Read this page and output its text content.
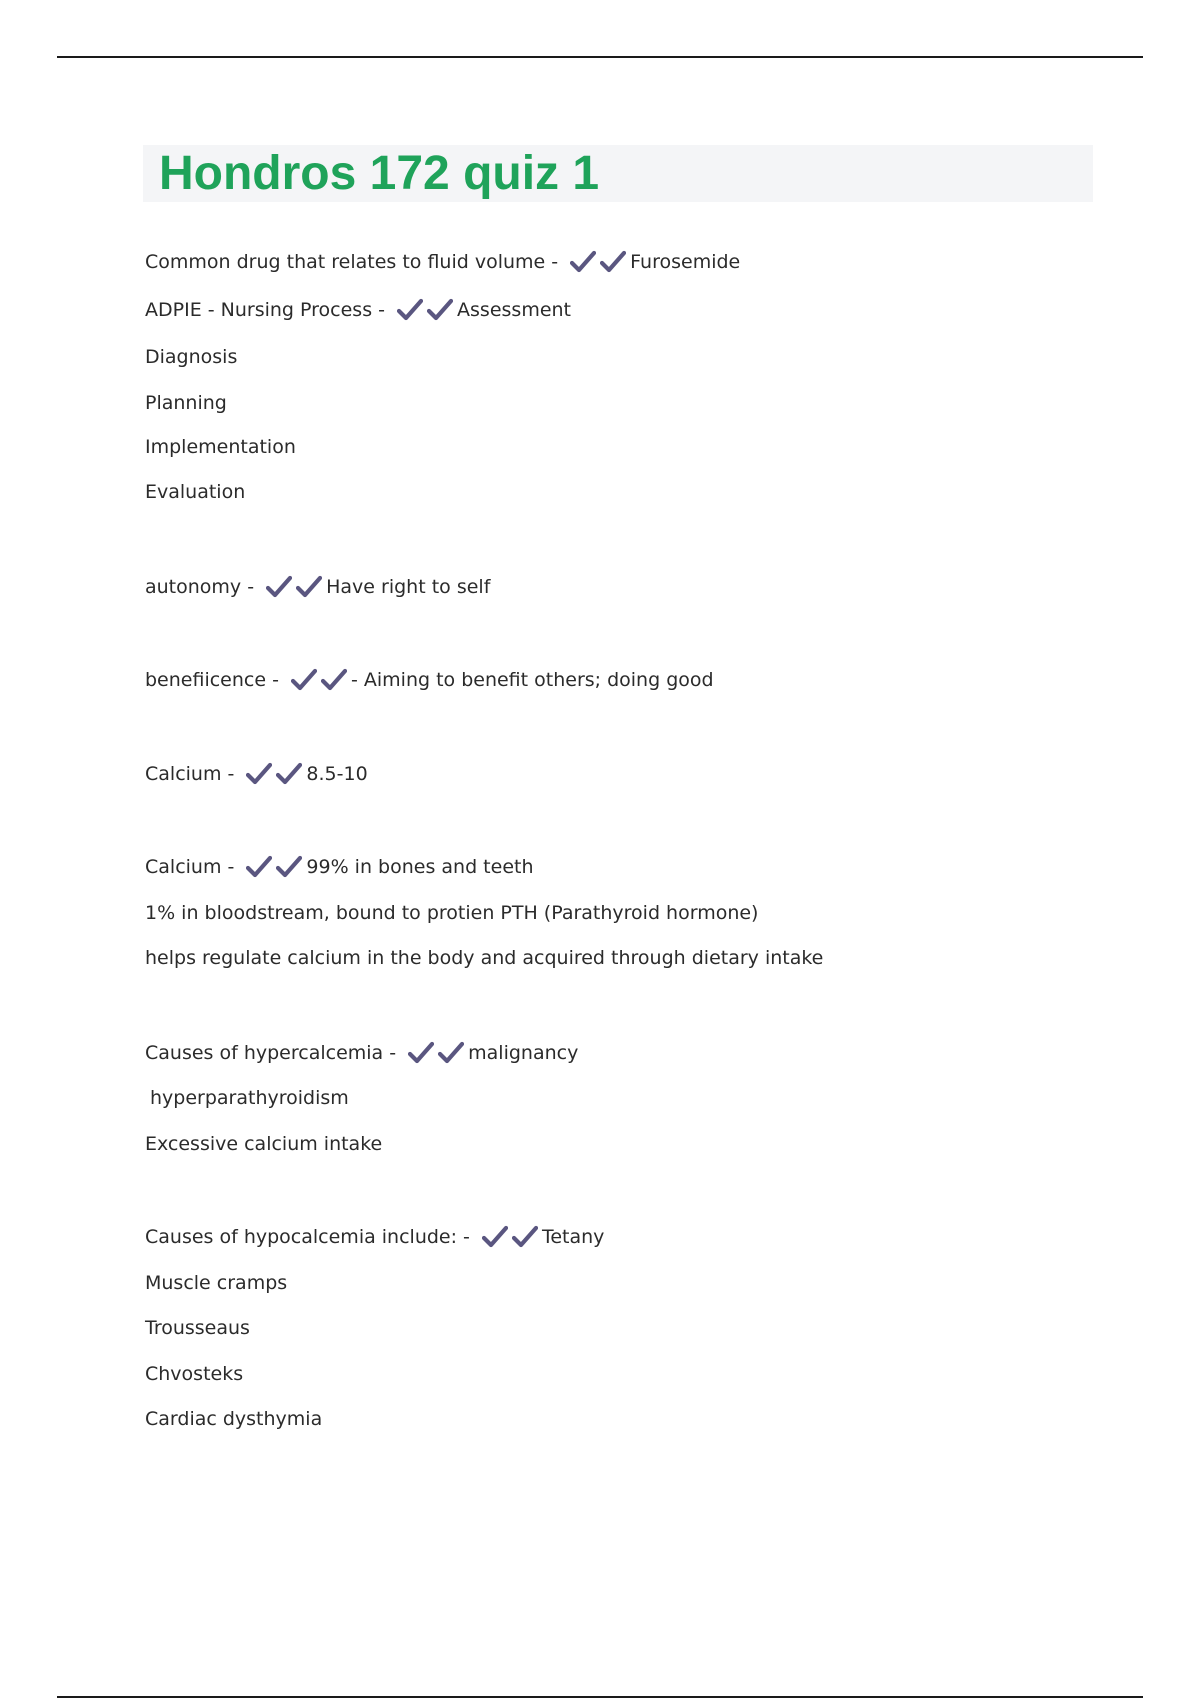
Hondros 172 quiz 1
Common drug that relates to fluid volume -	Furosemide
ADPIE - Nursing Process -	Assessment
Diagnosis
Planning
Implementation
Evaluation
autonomy -	Have right to self
benefiicence -	- Aiming to benefit others; doing good
Calcium -	8.5-10
Calcium -	99% in bones and teeth
1% in bloodstream, bound to protien PTH (Parathyroid hormone)
helps regulate calcium in the body and acquired through dietary intake
Causes of hypercalcemia -	malignancy
hyperparathyroidism
Excessive calcium intake
Causes of hypocalcemia include: -	Tetany
Muscle cramps
Trousseaus
Chvosteks
Cardiac dysthymia
